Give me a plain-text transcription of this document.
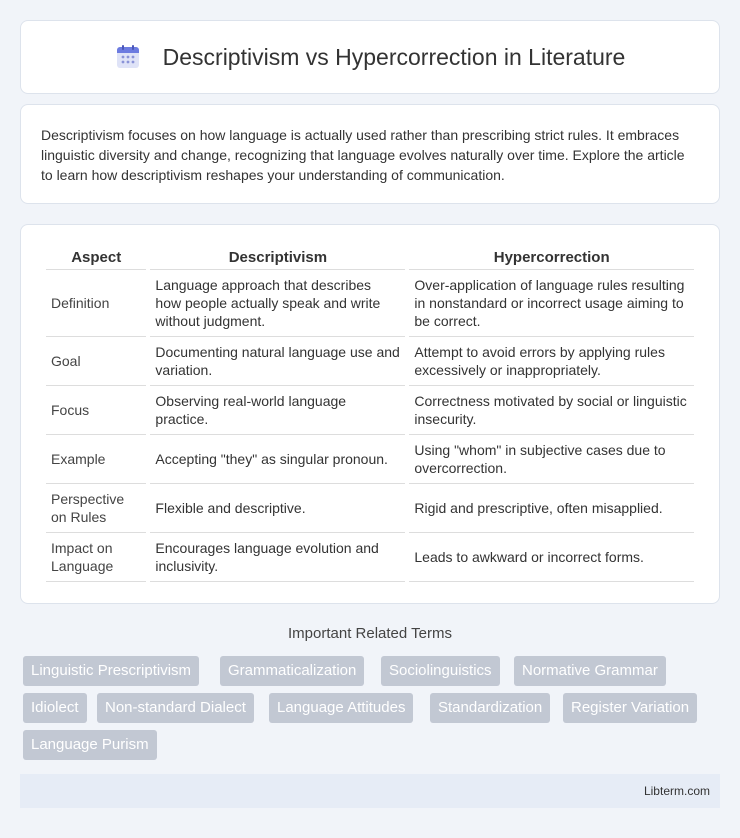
Descriptivism vs Hypercorrection in Literature

Descriptivism focuses on how language is actually used rather than prescribing strict rules. It embraces linguistic diversity and change, recognizing that language evolves naturally over time. Explore the article to learn how descriptivism reshapes your understanding of communication.

Aspect	Descriptivism	Hypercorrection
Definition	Language approach that describes how people actually speak and write without judgment.	Over-application of language rules resulting in nonstandard or incorrect usage aiming to be correct.
Goal	Documenting natural language use and variation.	Attempt to avoid errors by applying rules excessively or inappropriately.
Focus	Observing real-world language practice.	Correctness motivated by social or linguistic insecurity.
Example	Accepting "they" as singular pronoun.	Using "whom" in subjective cases due to overcorrection.
Perspective on Rules	Flexible and descriptive.	Rigid and prescriptive, often misapplied.
Impact on Language	Encourages language evolution and inclusivity.	Leads to awkward or incorrect forms.
Important Related Terms
Linguistic Prescriptivism	Grammaticalization	Sociolinguistics	Normative Grammar
Idiolect	Non-standard Dialect	Language Attitudes	Standardization	Register Variation
Language Purism
Libterm.com
